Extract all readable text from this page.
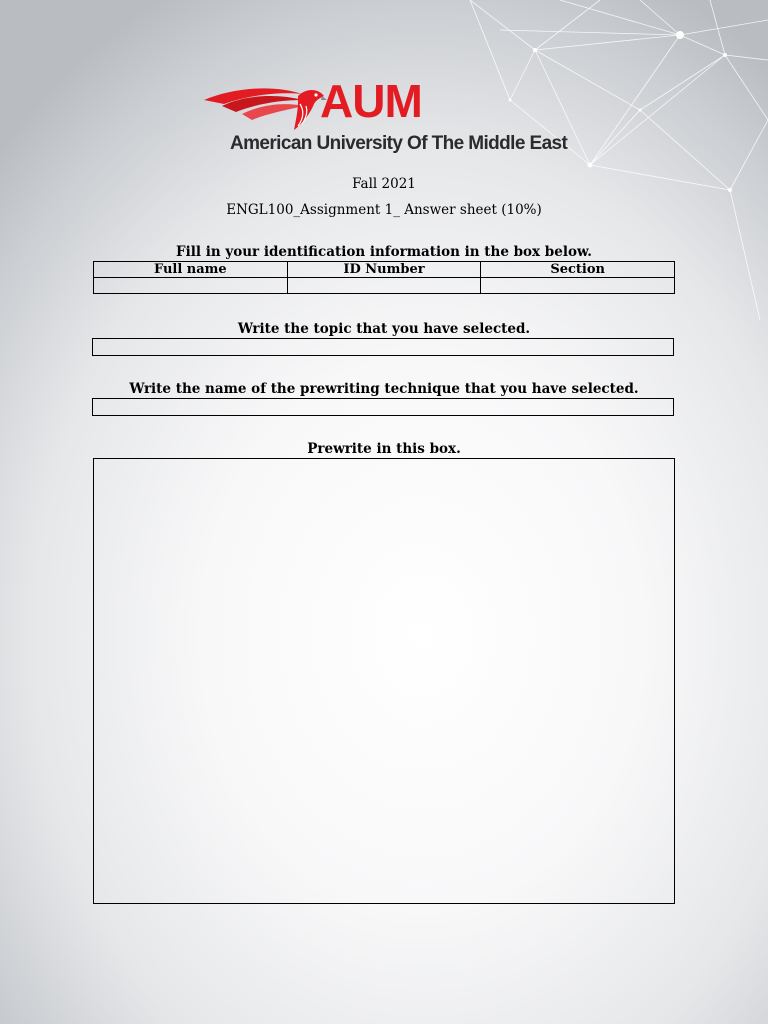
AUM
American University Of The Middle East
Fall 2021
ENGL100_Assignment 1_ Answer sheet (10%)
Fill in your identification information in the box below.
Full name	ID Number	Section

Write the topic that you have selected.
Write the name of the prewriting technique that you have selected.
Prewrite in this box.
